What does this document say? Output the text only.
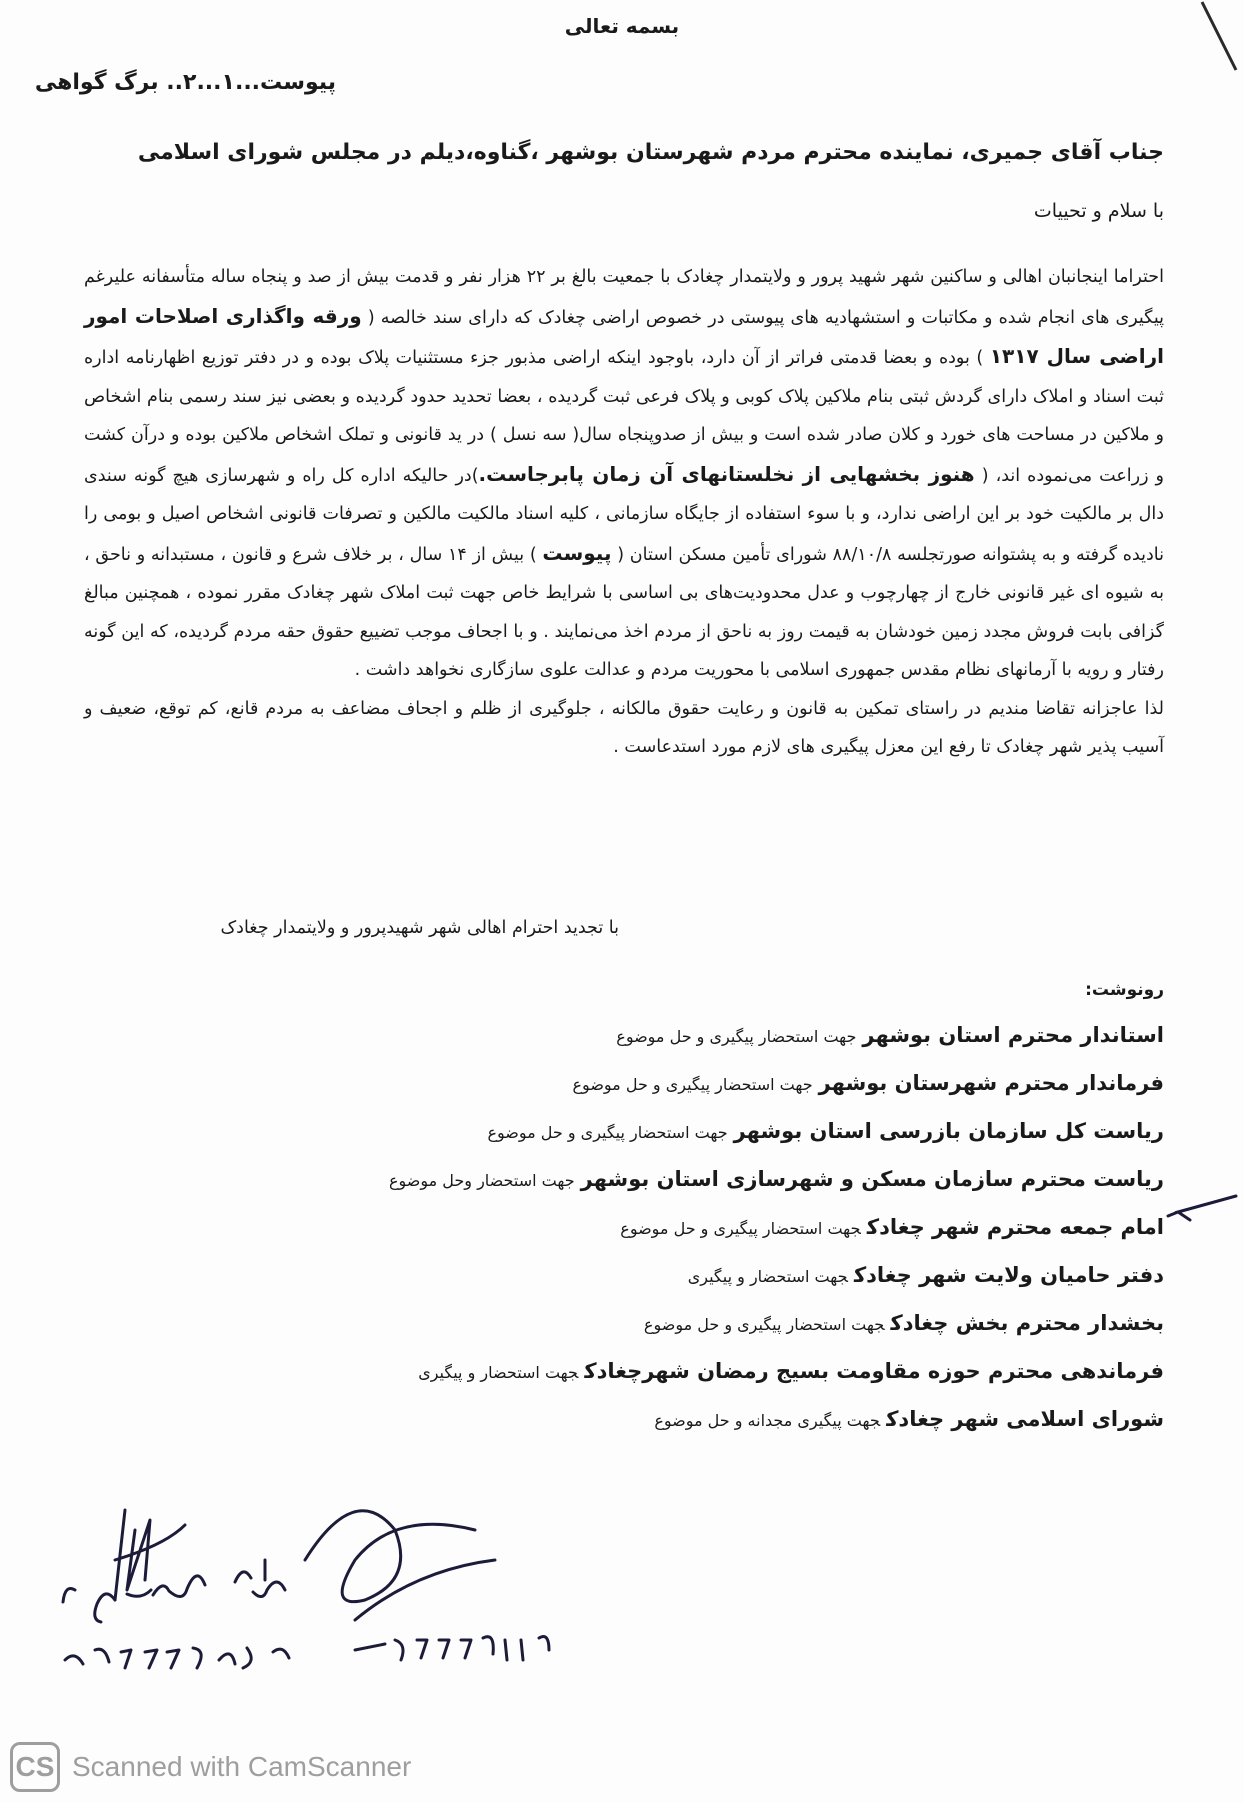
بسمه تعالی
پیوست...۱...۲.. برگ گواهی
جناب آقای جمیری، نماینده محترم مردم شهرستان بوشهر ،گناوه،دیلم در مجلس شورای اسلامی
با سلام و تحییات

احتراما اینجانبان اهالی و ساکنین شهر شهید پرور و ولایتمدار چغادک با جمعیت بالغ بر ۲۲ هزار نفر و قدمت بیش از صد و پنجاه ساله متأسفانه علیرغم پیگیری های انجام شده و مکاتبات و استشهادیه های پیوستی در خصوص اراضی چغادک که دارای سند خالصه ( ورقه واگذاری اصلاحات امور اراضی سال ۱۳۱۷ ) بوده و بعضا قدمتی فراتر از آن دارد، باوجود اینکه اراضی مذبور جزء مستثنیات پلاک بوده و در دفتر توزیع اظهارنامه اداره ثبت اسناد و املاک دارای گردش ثبتی بنام ملاکین پلاک کوبی و پلاک فرعی ثبت گردیده ، بعضا تحدید حدود گردیده و بعضی نیز سند رسمی بنام اشخاص و ملاکین در مساحت های خورد و کلان صادر شده است و بیش از صدوپنجاه سال( سه نسل ) در ید قانونی و تملک اشخاص ملاکین بوده و درآن کشت و زراعت می‌نموده اند، ( هنوز بخشهایی از نخلستانهای آن زمان پابرجاست.)در حالیکه اداره کل راه و شهرسازی هیچ گونه سندی دال بر مالکیت خود بر این اراضی ندارد، و با سوء استفاده از جایگاه سازمانی ، کلیه اسناد مالکیت مالکین و تصرفات قانونی اشخاص اصیل و بومی را نادیده گرفته و به پشتوانه صورتجلسه ۸۸/۱۰/۸ شورای تأمین مسکن استان ( پیوست ) بیش از ۱۴ سال ، بر خلاف شرع و قانون ، مستبدانه و ناحق ، به شیوه ای غیر قانونی خارج از چهارچوب و عدل محدودیت‌های بی اساسی با شرایط خاص جهت ثبت املاک شهر چغادک مقرر نموده ، همچنین مبالغ گزافی بابت فروش مجدد زمین خودشان به قیمت روز به ناحق از مردم اخذ می‌نمایند . و با اجحاف موجب تضییع حقوق حقه مردم گردیده، که این گونه رفتار و رویه با آرمانهای نظام مقدس جمهوری اسلامی با محوریت مردم و عدالت علوی سازگاری نخواهد داشت .

لذا عاجزانه تقاضا مندیم در راستای تمکین به قانون و رعایت حقوق مالکانه ، جلوگیری از ظلم و اجحاف مضاعف به مردم قانع، کم توقع، ضعیف و آسیب پذیر شهر چغادک تا رفع این معزل پیگیری های لازم مورد استدعاست .

با تجدید احترام اهالی شهر شهیدپرور و ولایتمدار چغادک
رونوشت:
استاندار محترم استان بوشهرجهت استحضار پیگیری و حل موضوع
فرماندار محترم شهرستان بوشهرجهت استحضار پیگیری و حل موضوع
ریاست کل سازمان بازرسی استان بوشهرجهت استحضار پیگیری و حل موضوع
ریاست محترم سازمان مسکن و شهرسازی استان بوشهرجهت استحضار وحل موضوع
امام جمعه محترم شهر چغادکجهت استحضار پیگیری و حل موضوع
دفتر حامیان ولایت شهر چغادکجهت استحضار و پیگیری
بخشدار محترم بخش چغادکجهت استحضار پیگیری و حل موضوع
فرماندهی محترم حوزه مقاومت بسیج رمضان شهرچغادکجهت استحضار و پیگیری
شورای اسلامی شهر چغادکجهت پیگیری مجدانه و حل موضوع
CS Scanned with CamScanner
